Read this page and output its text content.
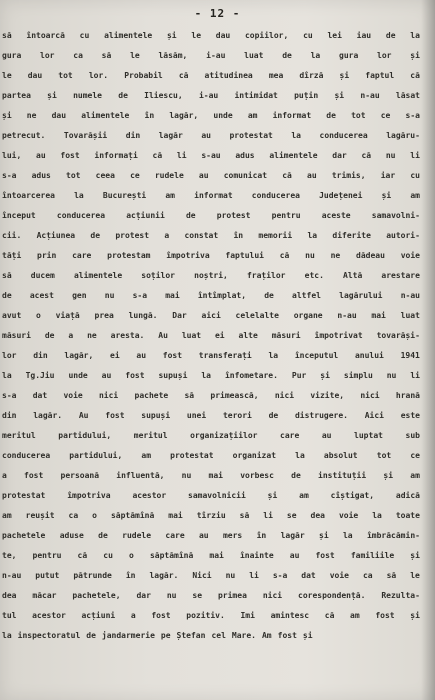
- 12 -
să întoarcă cu alimentele și le dau copiilor, cu lei iau de la
gura lor ca să le lăsăm, i-au luat de la gura lor și
le dau tot lor. Probabil că atitudinea mea dîrză și faptul că
partea și numele de Iliescu, i-au intimidat puțin și n-au lăsat
și ne dau alimentele în lagăr, unde am informat de tot ce s-a
petrecut. Tovarășii din lagăr au protestat la conducerea lagăru-
lui, au fost informați că li s-au adus alimentele dar că nu li
s-a adus tot ceea ce rudele au comunicat că au trimis, iar cu
întoarcerea la București am informat conducerea Județenei și am
început	conducerea	acțiunii	de	protest	pentru	aceste	samavolni-
cii. Acțiunea de protest a constat în memorii la diferite autori-
tăți prin care protestam împotriva faptului că nu ne dădeau voie
să ducem alimentele soților noștri, fraților etc. Altă arestare
de acest gen nu s-a mai întîmplat, de altfel lagărului n-au
avut o viață prea lungă. Dar aici celelalte organe n-au mai luat
măsuri de a ne aresta. Au luat ei alte măsuri împotrivat tovarăși-
lor din lagăr, ei au fost transferați la începutul anului 1941
la Tg.Jiu unde au fost supuși la înfometare. Pur și simplu nu li
s-a dat voie nici pachete să primească, nici vizite, nici hrană
din lagăr. Au fost supuși unei terori de distrugere. Aici este
meritul	partidului,	meritul	organizațiilor	care	au	luptat	sub
conducerea partidului, am protestat organizat la absolut tot ce
a fost persoană influentă, nu mai vorbesc de instituții și am
protestat	împotriva	acestor	samavolnicii	și	am	cîștigat,	adică
am reușit ca o săptămînă mai tîrziu să li se dea voie la toate
pachetele aduse de rudele care au mers în lagăr și la îmbrăcămin-
te, pentru că cu o săptămînă mai înainte au fost familiile și
n-au putut pătrunde în lagăr. Nici nu li s-a dat voie ca să le
dea măcar pachetele, dar nu se primea nici corespondență. Rezulta-
tul acestor acțiuni a fost pozitiv. Imi amintesc că am fost și
la inspectoratul de jandarmerie pe Ștefan cel Mare. Am fost și
